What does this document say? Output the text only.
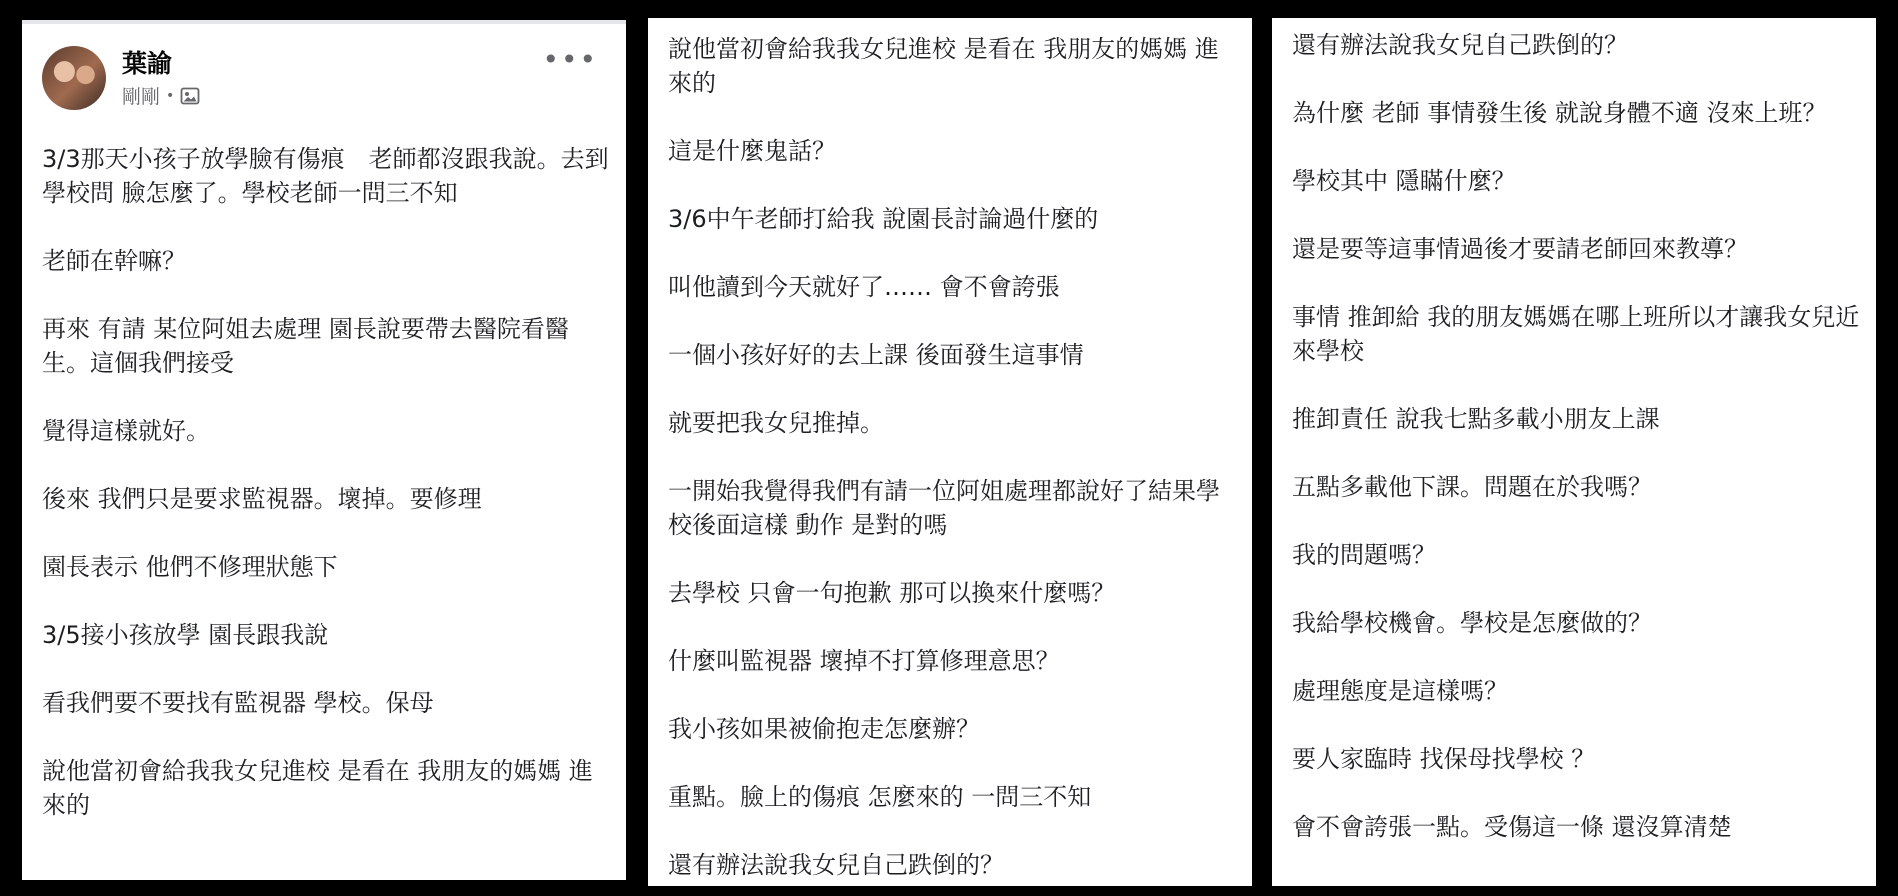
葉諭
剛剛 •
•••

3/3那天小孩子放學臉有傷痕　老師都沒跟我說。去到學校問 臉怎麼了。學校老師一問三不知

老師在幹嘛？

再來 有請 某位阿姐去處理 園長說要帶去醫院看醫生。這個我們接受

覺得這樣就好。

後來 我們只是要求監視器。壞掉。要修理

園長表示 他們不修理狀態下

3/5接小孩放學 園長跟我說

看我們要不要找有監視器 學校。保母

說他當初會給我我女兒進校 是看在 我朋友的媽媽 進來的

說他當初會給我我女兒進校 是看在 我朋友的媽媽 進來的

這是什麼鬼話？

3/6中午老師打給我 說園長討論過什麼的

叫他讀到今天就好了…… 會不會誇張

一個小孩好好的去上課 後面發生這事情

就要把我女兒推掉。

一開始我覺得我們有請一位阿姐處理都說好了結果學校後面這樣 動作 是對的嗎

去學校 只會一句抱歉 那可以換來什麼嗎？

什麼叫監視器 壞掉不打算修理意思？

我小孩如果被偷抱走怎麼辦？

重點。臉上的傷痕 怎麼來的 一問三不知

還有辦法說我女兒自己跌倒的？

還有辦法說我女兒自己跌倒的？

為什麼 老師 事情發生後 就說身體不適 沒來上班？

學校其中 隱瞞什麼？

還是要等這事情過後才要請老師回來教導？

事情 推卸給 我的朋友媽媽在哪上班所以才讓我女兒近來學校

推卸責任 說我七點多載小朋友上課

五點多載他下課。問題在於我嗎？

我的問題嗎？

我給學校機會。學校是怎麼做的？

處理態度是這樣嗎？

要人家臨時 找保母找學校 ？

會不會誇張一點。受傷這一條 還沒算清楚
